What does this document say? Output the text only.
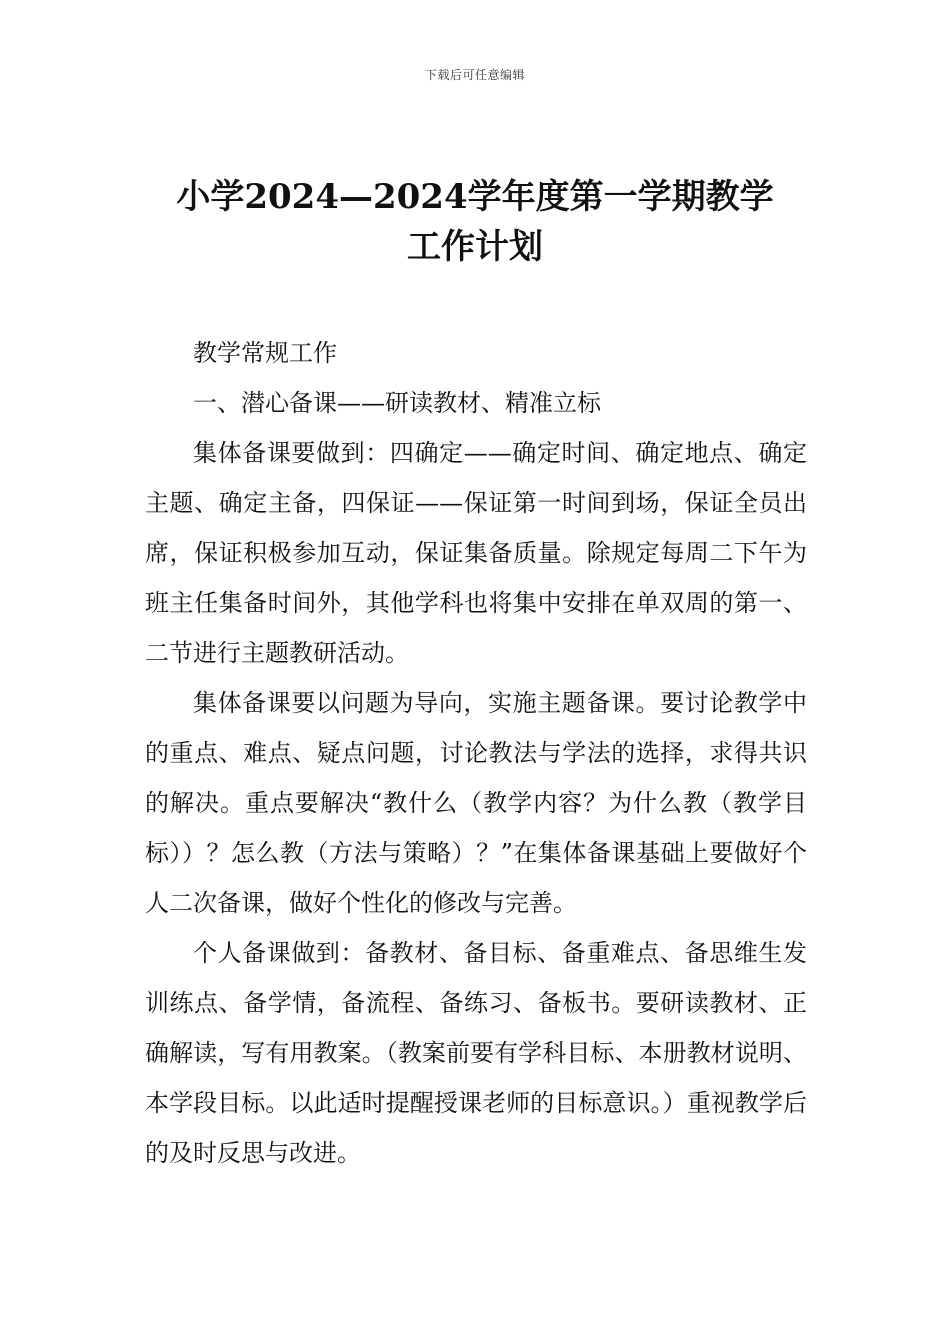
下载后可任意编辑
小学2024—2024学年度第一学期教学
工作计划

教学常规工作

一、潜心备课——研读教材、精准立标

集体备课要做到：四确定——确定时间、确定地点、确定主题、确定主备，四保证——保证第一时间到场，保证全员出席，保证积极参加互动，保证集备质量。除规定每周二下午为班主任集备时间外，其他学科也将集中安排在单双周的第一、二节进行主题教研活动。

集体备课要以问题为导向，实施主题备课。要讨论教学中的重点、难点、疑点问题，讨论教法与学法的选择，求得共识的解决。重点要解决“教什么（教学内容？为什么教（教学目标））？怎么教（方法与策略）？”在集体备课基础上要做好个人二次备课，做好个性化的修改与完善。

个人备课做到：备教材、备目标、备重难点、备思维生发训练点、备学情，备流程、备练习、备板书。要研读教材、正确解读，写有用教案。（教案前要有学科目标、本册教材说明、本学段目标。以此适时提醒授课老师的目标意识。）重视教学后的及时反思与改进。
